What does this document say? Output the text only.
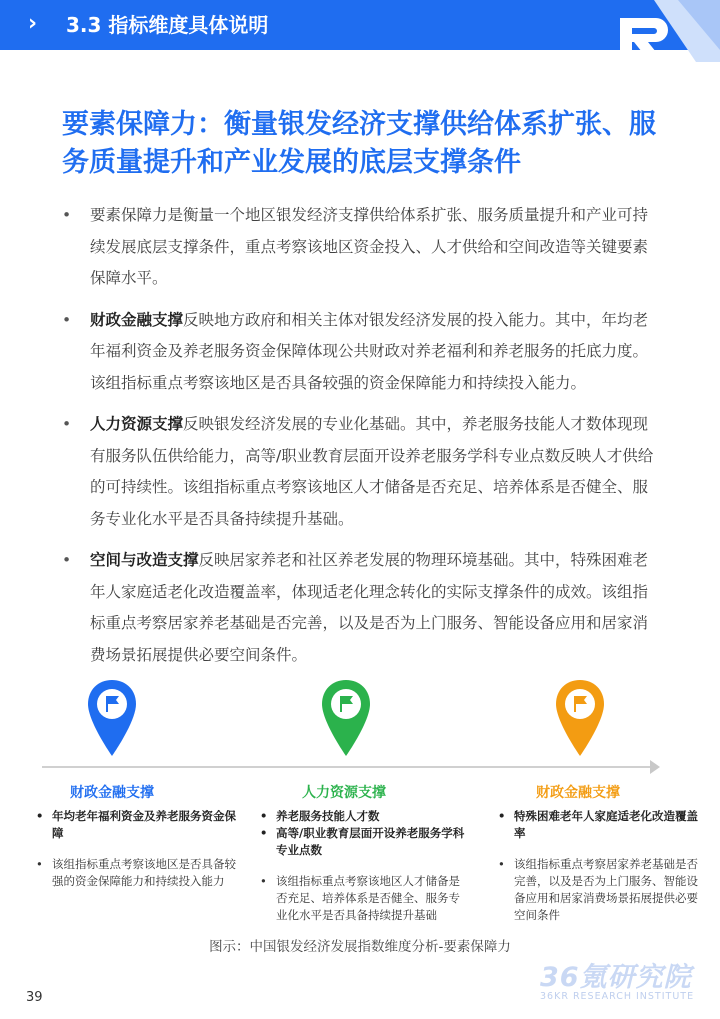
› 3.3 指标维度具体说明
要素保障力：衡量银发经济支撑供给体系扩张、服务质量提升和产业发展的底层支撑条件
• 要素保障力是衡量一个地区银发经济支撑供给体系扩张、服务质量提升和产业可持续发展底层支撑条件，重点考察该地区资金投入、人才供给和空间改造等关键要素保障水平。
• 财政金融支撑反映地方政府和相关主体对银发经济发展的投入能力。其中，年均老年福利资金及养老服务资金保障体现公共财政对养老福利和养老服务的托底力度。该组指标重点考察该地区是否具备较强的资金保障能力和持续投入能力。
• 人力资源支撑反映银发经济发展的专业化基础。其中，养老服务技能人才数体现现有服务队伍供给能力，高等/职业教育层面开设养老服务学科专业点数反映人才供给的可持续性。该组指标重点考察该地区人才储备是否充足、培养体系是否健全、服务专业化水平是否具备持续提升基础。
• 空间与改造支撑反映居家养老和社区养老发展的物理环境基础。其中，特殊困难老年人家庭适老化改造覆盖率，体现适老化理念转化的实际支撑条件的成效。该组指标重点考察居家养老基础是否完善，以及是否为上门服务、智能设备应用和居家消费场景拓展提供必要空间条件。
财政金融支撑
• 年均老年福利资金及养老服务资金保障
• 该组指标重点考察该地区是否具备较强的资金保障能力和持续投入能力
人力资源支撑
• 养老服务技能人才数
• 高等/职业教育层面开设养老服务学科专业点数
• 该组指标重点考察该地区人才储备是否充足、培养体系是否健全、服务专业化水平是否具备持续提升基础
财政金融支撑
• 特殊困难老年人家庭适老化改造覆盖率
• 该组指标重点考察居家养老基础是否完善，以及是否为上门服务、智能设备应用和居家消费场景拓展提供必要空间条件
图示：中国银发经济发展指数维度分析-要素保障力
36氪研究院
36KR RESEARCH INSTITUTE
39
